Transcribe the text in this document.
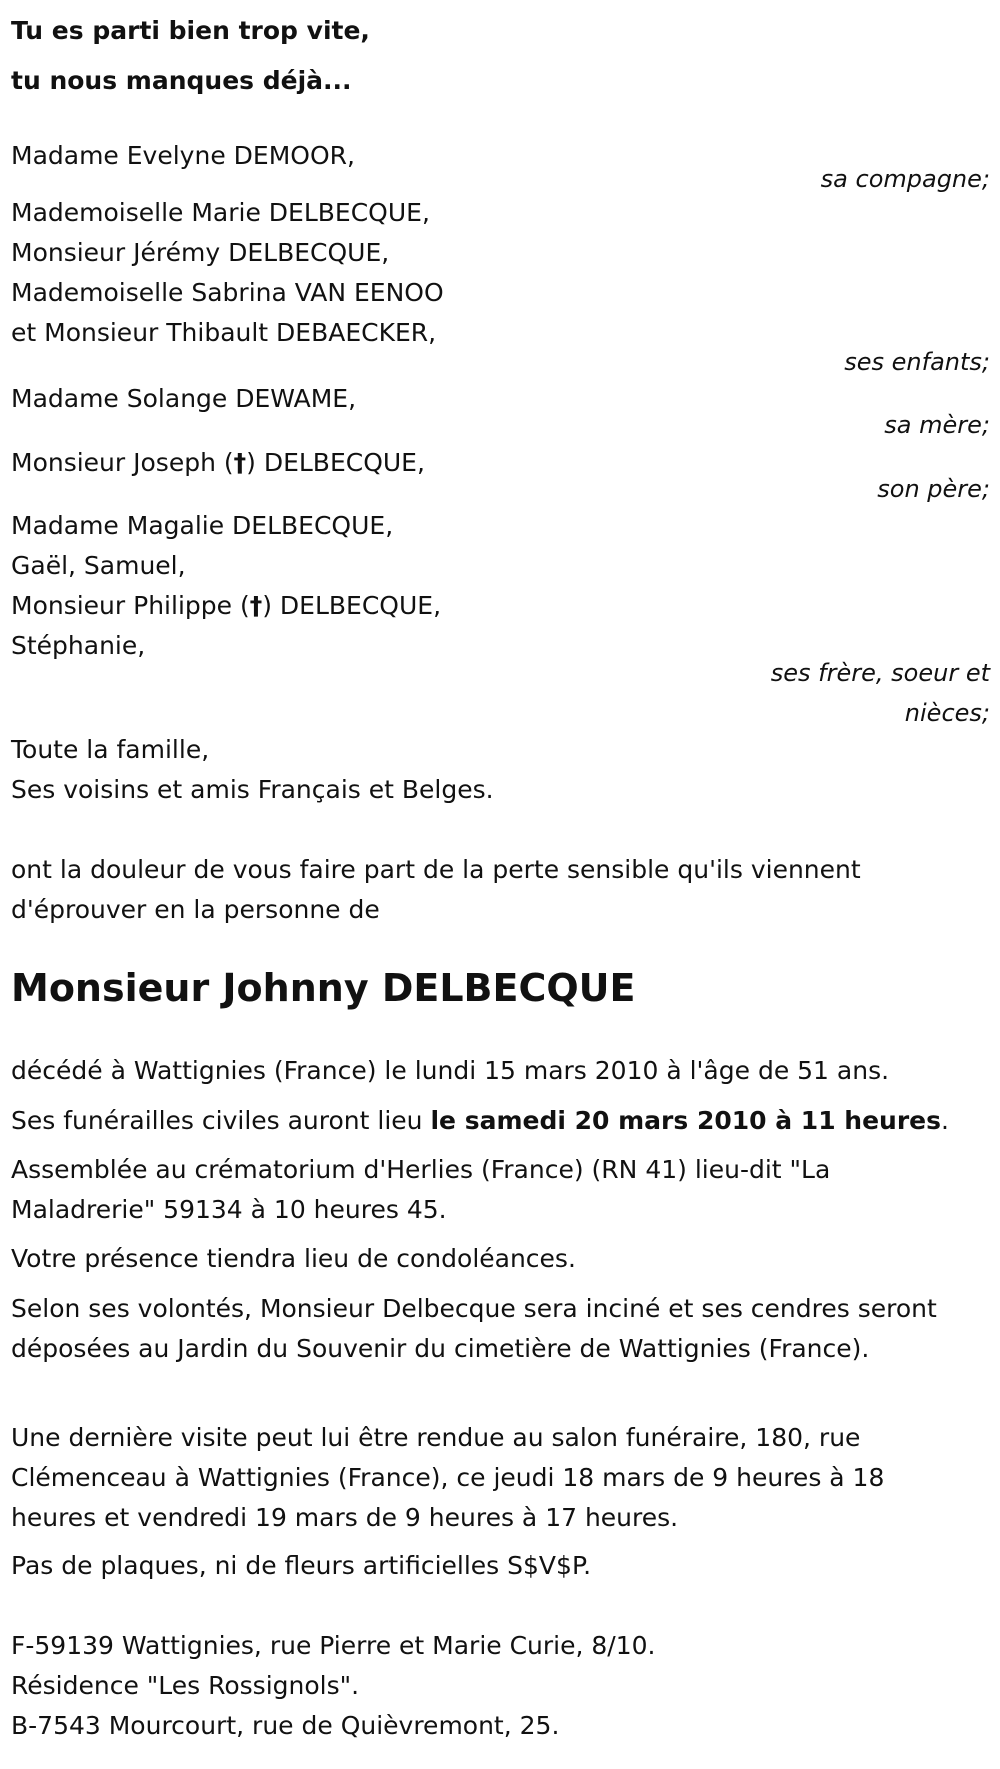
Tu es parti bien trop vite,
tu nous manques déjà...
Madame Evelyne DEMOOR,
sa compagne;
Mademoiselle Marie DELBECQUE,
Monsieur Jérémy DELBECQUE,
Mademoiselle Sabrina VAN EENOO
et Monsieur Thibault DEBAECKER,
ses enfants;
Madame Solange DEWAME,
sa mère;
Monsieur Joseph (†) DELBECQUE,
son père;
Madame Magalie DELBECQUE,
Gaël, Samuel,
Monsieur Philippe (†) DELBECQUE,
Stéphanie,
ses frère, soeur et
nièces;
Toute la famille,
Ses voisins et amis Français et Belges.
ont la douleur de vous faire part de la perte sensible qu'ils viennent d'éprouver en la personne de
Monsieur Johnny DELBECQUE
décédé à Wattignies (France) le lundi 15 mars 2010 à l'âge de 51 ans.
Ses funérailles civiles auront lieu le samedi 20 mars 2010 à 11 heures.
Assemblée au crématorium d'Herlies (France) (RN 41) lieu-dit "La Maladrerie" 59134 à 10 heures 45.
Votre présence tiendra lieu de condoléances.
Selon ses volontés, Monsieur Delbecque sera inciné et ses cendres seront déposées au Jardin du Souvenir du cimetière de Wattignies (France).
Une dernière visite peut lui être rendue au salon funéraire, 180, rue Clémenceau à Wattignies (France), ce jeudi 18 mars de 9 heures à 18 heures et vendredi 19 mars de 9 heures à 17 heures.
Pas de plaques, ni de fleurs artificielles S$V$P.
F-59139 Wattignies, rue Pierre et Marie Curie, 8/10.
Résidence "Les Rossignols".
B-7543 Mourcourt, rue de Quièvremont, 25.
